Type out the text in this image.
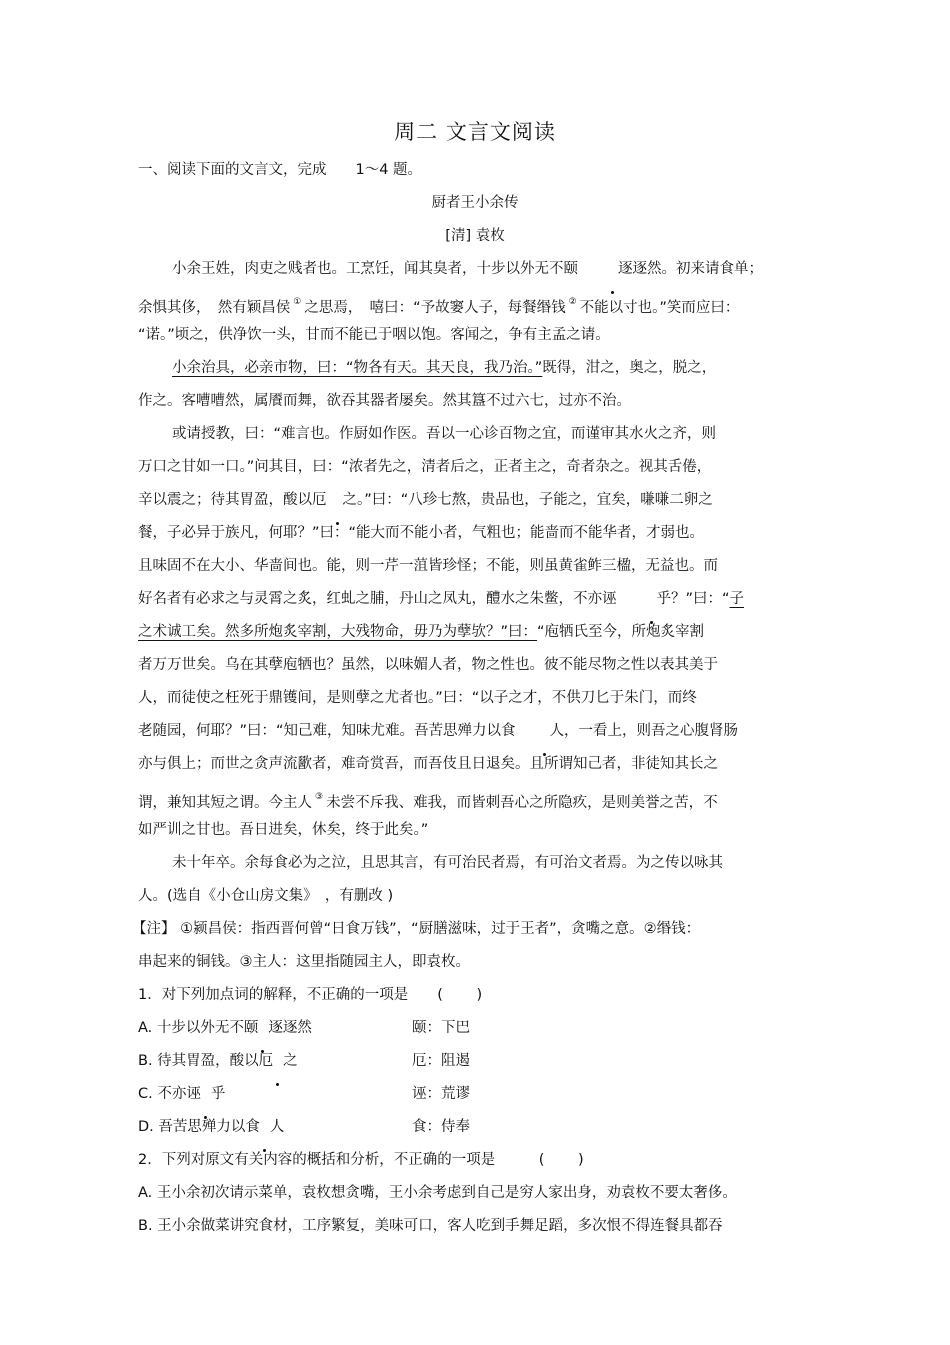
周二 文言文阅读
一、阅读下面的文言文，完成　　1～4 题。
厨者王小余传
[清] 袁枚
小余王姓，肉吏之贱者也。工烹饪，闻其臭者，十步以外无不颐	逐逐然。初来请食单；
余惧其侈，　然有颖昌侯 ① 之思焉，　嘻曰：“予故窭人子，每餐缗钱 ② 不能以寸也。”笑而应曰：
“诺。”顷之，供净饮一头，甘而不能已于咽以饱。客闻之，争有主孟之请。
小余治具，必亲市物，曰：“物各有天。其天良，我乃治。”既得，泔之，奥之，脱之，
作之。客嘈嘈然，属餍而舞，欲吞其器者屡矣。然其簋不过六七，过亦不治。
或请授教，曰：“难言也。作厨如作医。吾以一心诊百物之宜，而谨审其水火之齐，则
万口之甘如一口。”问其目，曰：“浓者先之，清者后之，正者主之，奇者杂之。视其舌倦，
辛以震之；待其胃盈，酸以厄 之。”曰：“八珍七熬，贵品也，子能之，宜矣，嗛嗛二卵之
餐，子必异于族凡，何耶？”曰：“能大而不能小者，气粗也；能啬而不能华者，才弱也。
且味固不在大小、华啬间也。能，则一芹一菹皆珍怪；不能，则虽黄雀鲊三楹，无益也。而
好名者有必求之与灵霄之炙，红虬之脯，丹山之凤丸，醴水之朱鳖，不亦诬	乎？”曰：“子
之术诚工矣。然多所炮炙宰割，大残物命，毋乃为孽欤？”曰：“庖牺氏至今，所炮炙宰割
者万万世矣。乌在其孽庖牺也？虽然，以味媚人者，物之性也。彼不能尽物之性以表其美于
人，而徒使之枉死于鼎镬间，是则孽之尤者也。”曰：“以子之才，不供刀匕于朱门，而终
老随园，何耶？”曰：“知己难，知味尤难。吾苦思殚力以食 人，一看上，则吾之心腹肾肠
亦与俱上；而世之贪声流歠者，难奇赏吾，而吾伎且日退矣。且所谓知己者，非徒知其长之
谓，兼知其短之谓。今主人 ③ 未尝不斥我、难我，而皆刺吾心之所隐疚，是则美誉之苦，不
如严训之甘也。吾日进矣，休矣，终于此矣。”
未十年卒。余每食必为之泣，且思其言，有可治民者焉，有可治文者焉。为之传以咏其
人。(选自《小仓山房文集》　，有删改 )
【注】 ①颍昌侯：指西晋何曾“日食万钱”，“厨膳滋味，过于王者”，贪嘴之意。②缗钱：
串起来的铜钱。③主人：这里指随园主人，即袁枚。
1．对下列加点词的解释，不正确的一项是　　(　　 )
A. 十步以外无不颐 逐逐然	颐：下巴
B. 待其胃盈，酸以厄 之	厄：阻遏
C. 不亦诬 乎	诬：荒谬
D. 吾苦思殚力以食 人	食：侍奉
2．下列对原文有关内容的概括和分析，不正确的一项是　　　(　　 )
A. 王小余初次请示菜单，袁枚想贪嘴，王小余考虑到自己是穷人家出身，劝袁枚不要太奢侈。
B. 王小余做菜讲究食材，工序繁复，美味可口，客人吃到手舞足蹈，多次恨不得连餐具都吞
